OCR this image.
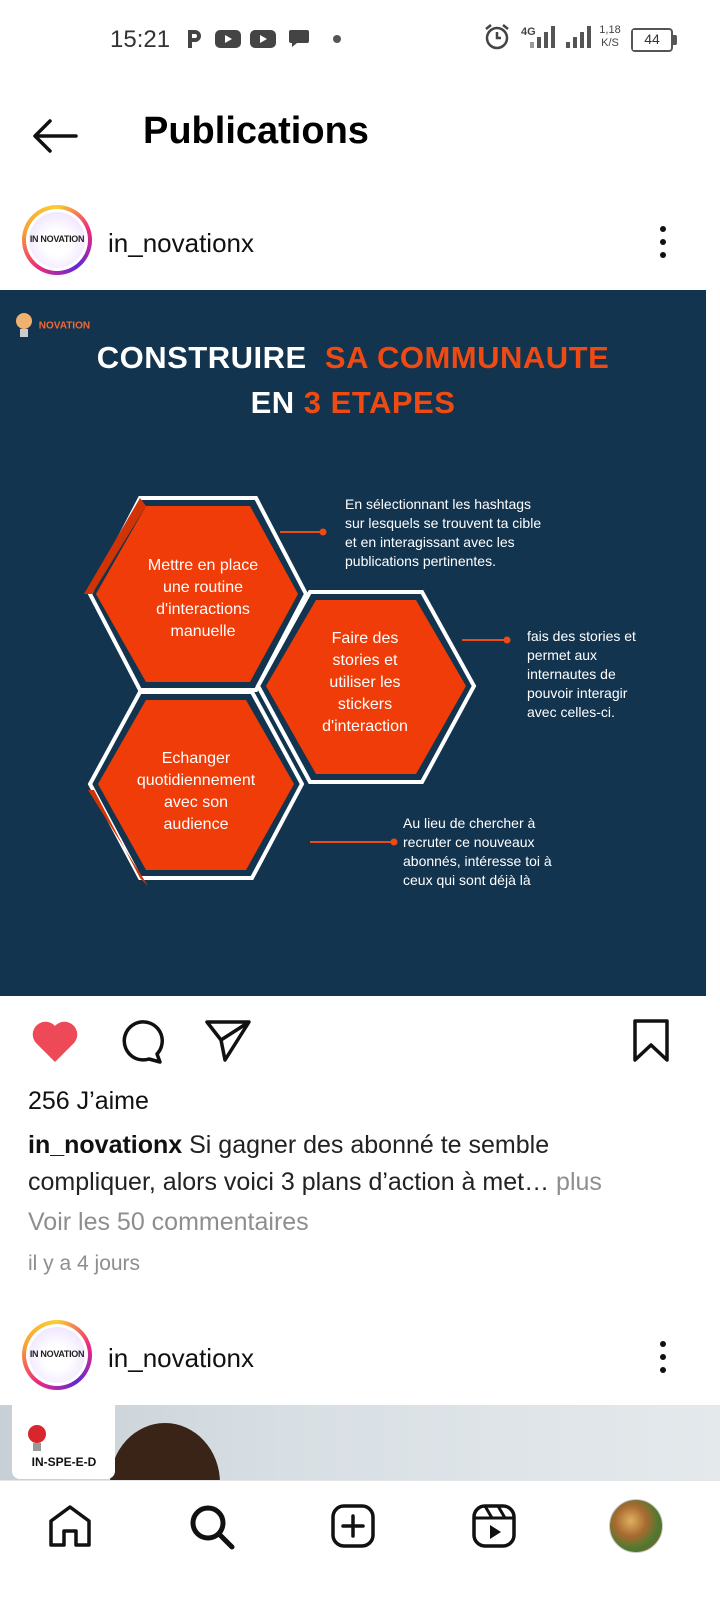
15:21	4G	1,18
K/S	44
Publications
IN NOVATION in_novationx
NOVATION
CONSTRUIRE SA COMMUNAUTE
EN 3 ETAPES
Mettre en place
une routine
d'interactions
manuelle	Faire des
stories et
utiliser les
stickers
d'interaction
Echanger
quotidiennement
avec son
audience
En sélectionnant les hashtags
sur lesquels se trouvent ta cible
et en interagissant avec les
publications pertinentes.
fais des stories et
permet aux
internautes de
pouvoir interagir
avec celles-ci.
Au lieu de chercher à
recruter ce nouveaux
abonnés, intéresse toi à
ceux qui sont déjà là
256 J’aime
in_novationx Si gagner des abonné te semble compliquer, alors voici 3 plans d’action à met… plus
Voir les 50 commentaires
il y a 4 jours
IN NOVATION in_novationx
IN-SPE-E-D
